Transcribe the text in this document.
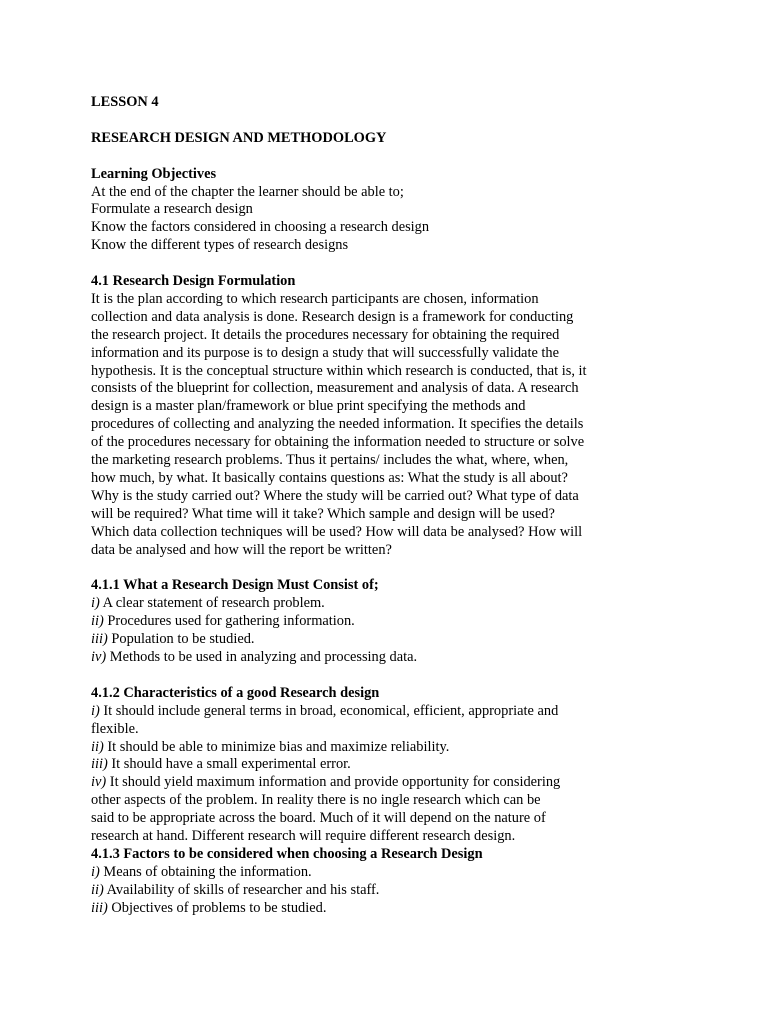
LESSON 4
RESEARCH DESIGN AND METHODOLOGY
Learning Objectives
At the end of the chapter the learner should be able to;
Formulate a research design
Know the factors considered in choosing a research design
Know the different types of research designs
4.1 Research Design Formulation
It is the plan according to which research participants are chosen, information
collection and data analysis is done. Research design is a framework for conducting
the research project. It details the procedures necessary for obtaining the required
information and its purpose is to design a study that will successfully validate the
hypothesis. It is the conceptual structure within which research is conducted, that is, it
consists of the blueprint for collection, measurement and analysis of data. A research
design is a master plan/framework or blue print specifying the methods and
procedures of collecting and analyzing the needed information. It specifies the details
of the procedures necessary for obtaining the information needed to structure or solve
the marketing research problems. Thus it pertains/ includes the what, where, when,
how much, by what. It basically contains questions as: What the study is all about?
Why is the study carried out? Where the study will be carried out? What type of data
will be required? What time will it take? Which sample and design will be used?
Which data collection techniques will be used? How will data be analysed? How will
data be analysed and how will the report be written?
4.1.1 What a Research Design Must Consist of;
i) A clear statement of research problem.
ii) Procedures used for gathering information.
iii) Population to be studied.
iv) Methods to be used in analyzing and processing data.
4.1.2 Characteristics of a good Research design
i) It should include general terms in broad, economical, efficient, appropriate and
flexible.
ii) It should be able to minimize bias and maximize reliability.
iii) It should have a small experimental error.
iv) It should yield maximum information and provide opportunity for considering
other aspects of the problem. In reality there is no ingle research which can be
said to be appropriate across the board. Much of it will depend on the nature of
research at hand. Different research will require different research design.
4.1.3 Factors to be considered when choosing a Research Design
i) Means of obtaining the information.
ii) Availability of skills of researcher and his staff.
iii) Objectives of problems to be studied.
